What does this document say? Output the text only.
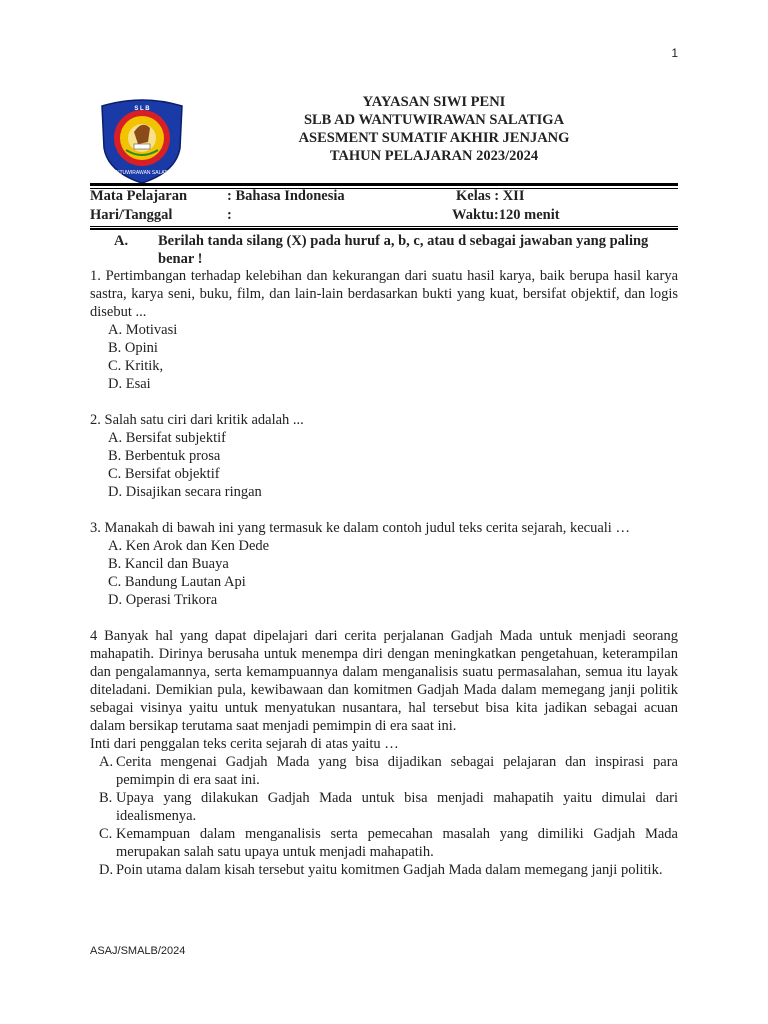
1
S L B
WANTUWIRAWAN SALATIGA
YAYASAN SIWI PENI
SLB AD WANTUWIRAWAN SALATIGA
ASESMENT SUMATIF AKHIR JENJANG
TAHUN PELAJARAN 2023/2024
Mata Pelajaran	: Bahasa Indonesia	Kelas : XII
Hari/Tanggal	:	Waktu:120 menit
A. Berilah tanda silang (X) pada huruf a, b, c, atau d sebagai jawaban yang paling benar !

1. Pertimbangan terhadap kelebihan dan kekurangan dari suatu hasil karya, baik berupa hasil karya sastra, karya seni, buku, film, dan lain-lain berdasarkan bukti yang kuat, bersifat objektif, dan logis disebut ...

A. Motivasi
B. Opini
C. Kritik,
D. Esai

2. Salah satu ciri dari kritik adalah ...

A. Bersifat subjektif
B. Berbentuk prosa
C. Bersifat objektif
D. Disajikan secara ringan

3. Manakah di bawah ini yang termasuk ke dalam contoh judul teks cerita sejarah, kecuali …

A. Ken Arok dan Ken Dede
B. Kancil dan Buaya
C. Bandung Lautan Api
D. Operasi Trikora

4 Banyak hal yang dapat dipelajari dari cerita perjalanan Gadjah Mada untuk menjadi seorang mahapatih. Dirinya berusaha untuk menempa diri dengan meningkatkan pengetahuan, keterampilan dan pengalamannya, serta kemampuannya dalam menganalisis suatu permasalahan, semua itu layak diteladani. Demikian pula, kewibawaan dan komitmen Gadjah Mada dalam memegang janji politik sebagai visinya yaitu untuk menyatukan nusantara, hal tersebut bisa kita jadikan sebagai acuan dalam bersikap terutama saat menjadi pemimpin di era saat ini.

Inti dari penggalan teks cerita sejarah di atas yaitu …

A. Cerita mengenai Gadjah Mada yang bisa dijadikan sebagai pelajaran dan inspirasi para pemimpin di era saat ini.
B. Upaya yang dilakukan Gadjah Mada untuk bisa menjadi mahapatih yaitu dimulai dari idealismenya.
C. Kemampuan dalam menganalisis serta pemecahan masalah yang dimiliki Gadjah Mada merupakan salah satu upaya untuk menjadi mahapatih.
D. Poin utama dalam kisah tersebut yaitu komitmen Gadjah Mada dalam memegang janji politik.
ASAJ/SMALB/2024
